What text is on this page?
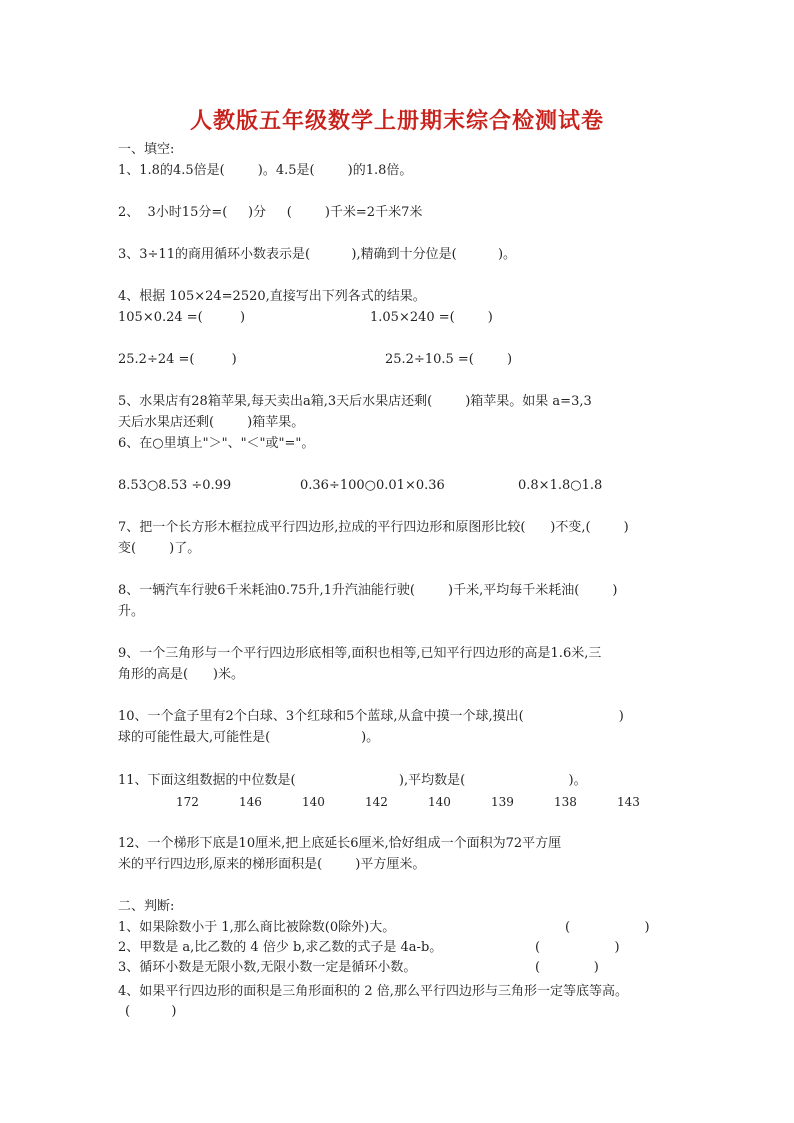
人教版五年级数学上册期末综合检测试卷
一、填空:
1、1.8的4.5倍是(        )。4.5是(        )的1.8倍。
2、  3小时15分=(     )分     (        )千米=2千米7米
3、3÷11的商用循环小数表示是(          ),精确到十分位是(          )。
4、根据 105×24=2520,直接写出下列各式的结果。
105×0.24 =(         )	1.05×240 =(        )
25.2÷24 =(         )	25.2÷10.5 =(        )
5、水果店有28箱苹果,每天卖出a箱,3天后水果店还剩(        )箱苹果。如果 a=3,3
天后水果店还剩(        )箱苹果。
6、在○里填上"＞"、"＜"或"="。
8.53○8.53 ÷0.99	0.36÷100○0.01×0.36	0.8×1.8○1.8
7、把一个长方形木框拉成平行四边形,拉成的平行四边形和原图形比较(      )不变,(        )
变(        )了。
8、一辆汽车行驶6千米耗油0.75升,1升汽油能行驶(        )千米,平均每千米耗油(        )
升。
9、一个三角形与一个平行四边形底相等,面积也相等,已知平行四边形的高是1.6米,三
角形的高是(      )米。
10、一个盒子里有2个白球、3个红球和5个蓝球,从盒中摸一个球,摸出(                       )
球的可能性最大,可能性是(                      )。
11、下面这组数据的中位数是(                         ),平均数是(                         )。
172	146	140	142	140	139	138	143
12、一个梯形下底是10厘米,把上底延长6厘米,恰好组成一个面积为72平方厘
米的平行四边形,原来的梯形面积是(        )平方厘米。
二、判断:
1、如果除数小于 1,那么商比被除数(0除外)大。	(                  )
2、甲数是 a,比乙数的 4 倍少 b,求乙数的式子是 4a-b。	(                  )
3、循环小数是无限小数,无限小数一定是循环小数。	(             )
4、如果平行四边形的面积是三角形面积的 2 倍,那么平行四边形与三角形一定等底等高。
(          )
